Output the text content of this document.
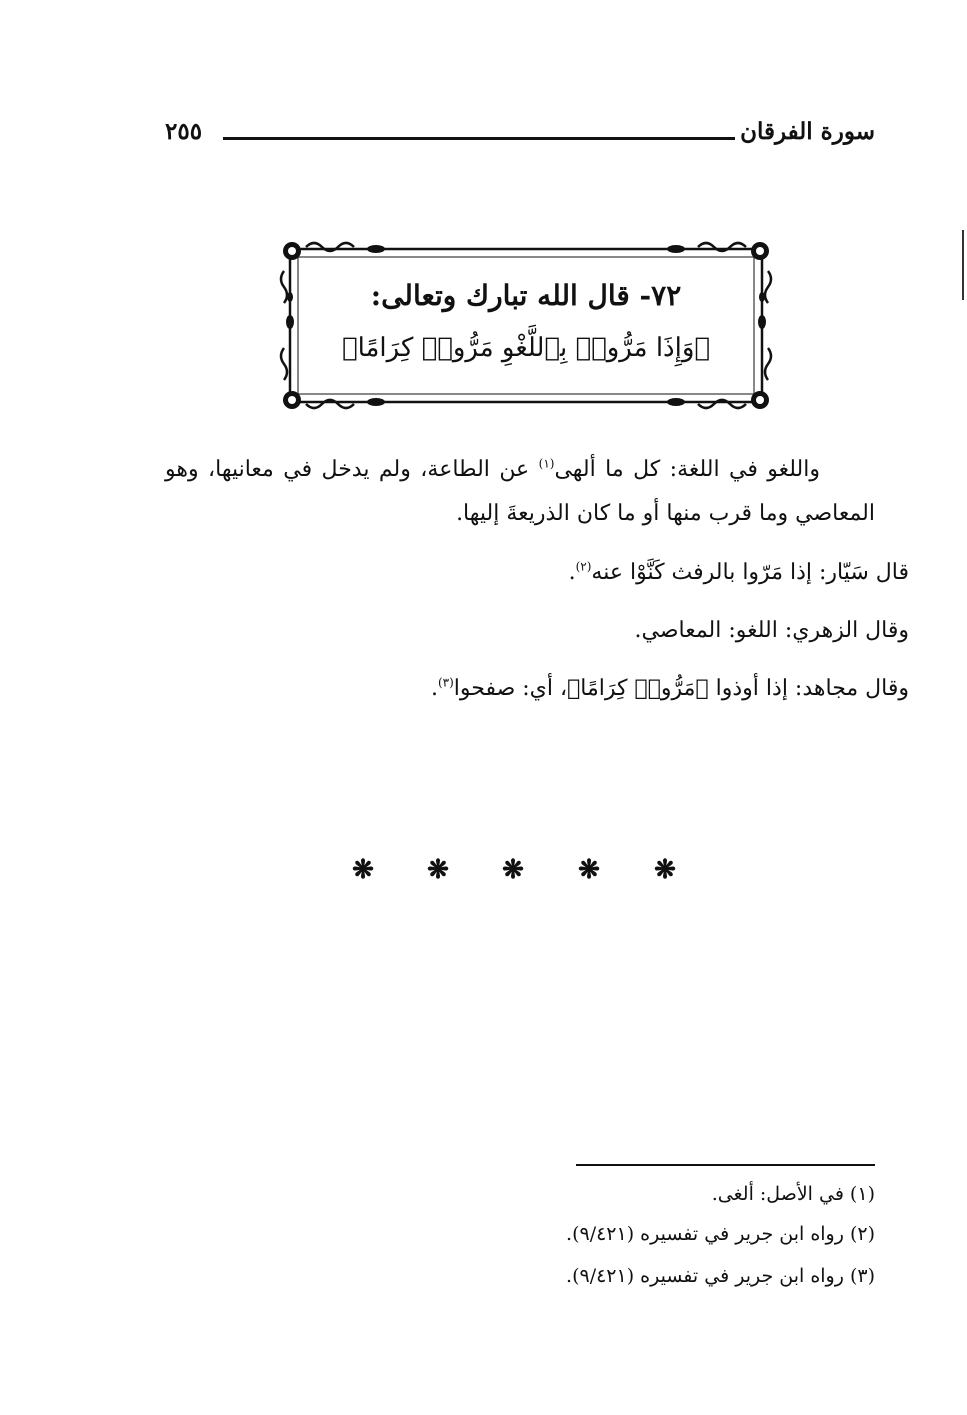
٢٥٥	سورة الفرقان
٧٢- قال الله تبارك وتعالى:
﴿وَإِذَا مَرُّوا۟ بِٱللَّغْوِ مَرُّوا۟ كِرَامًا﴾

واللغو في اللغة: كل ما ألهى$^{(١)}$ عن الطاعة، ولم يدخل في معانيها، وهو المعاصي وما قرب منها أو ما كان الذريعةَ إليها.

قال سَيّار: إذا مَرّوا بالرفث كَنَّوْا عنه$^{(٢)}$.
وقال الزهري: اللغو: المعاصي.
وقال مجاهد: إذا أوذوا ﴿مَرُّوا۟ كِرَامًا﴾، أي: صفحوا$^{(٣)}$.
❋ ❋ ❋ ❋ ❋
(١) في الأصل: ألغى.
(٢) رواه ابن جرير في تفسيره (٩/٤٢١).
(٣) رواه ابن جرير في تفسيره (٩/٤٢١).
